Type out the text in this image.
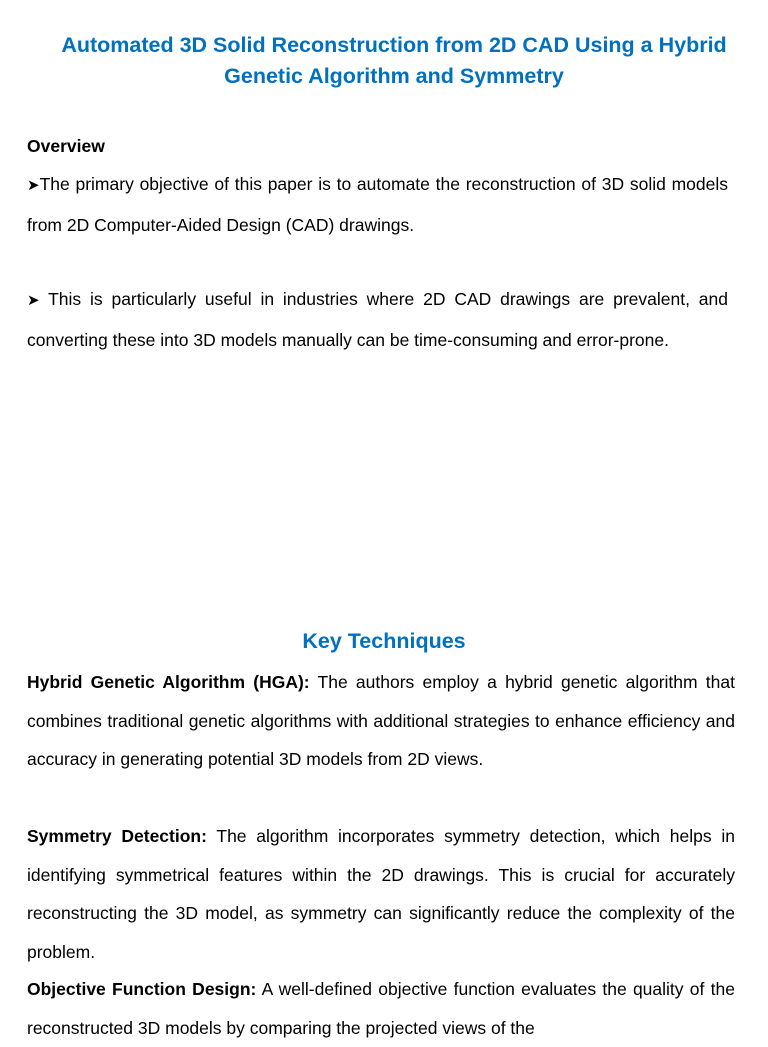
Automated 3D Solid Reconstruction from 2D CAD Using a Hybrid
Genetic Algorithm and Symmetry
Overview

➤The primary objective of this paper is to automate the reconstruction of 3D solid models from 2D Computer-Aided Design (CAD) drawings.

➤ This is particularly useful in industries where 2D CAD drawings are prevalent, and converting these into 3D models manually can be time-consuming and error-prone.

Key Techniques

Hybrid Genetic Algorithm (HGA): The authors employ a hybrid genetic algorithm that combines traditional genetic algorithms with additional strategies to enhance efficiency and accuracy in generating potential 3D models from 2D views.

Symmetry Detection: The algorithm incorporates symmetry detection, which helps in identifying symmetrical features within the 2D drawings. This is crucial for accurately reconstructing the 3D model, as symmetry can significantly reduce the complexity of the problem.

Objective Function Design: A well-defined objective function evaluates the quality of the reconstructed 3D models by comparing the projected views of the
